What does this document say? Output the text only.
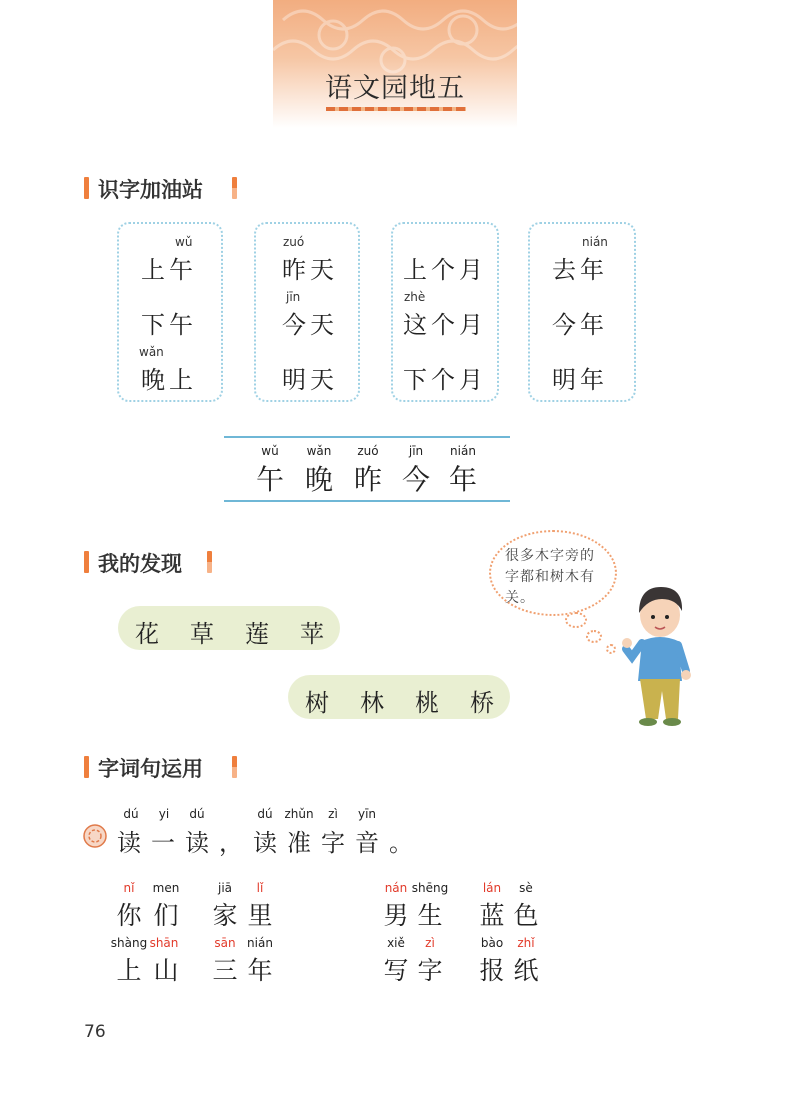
语文园地五
识字加油站
wǔ
上午
下午
wǎn
晚上
zuó
昨天
jīn
今天
明天
上个月
zhè
这个月
下个月
nián
去年
今年
明年
wǔ
午
wǎn
晚
zuó
昨
jīn
今
nián
年
我的发现
花 草 莲 苹
树 林 桃 桥
很多木字旁的字都和树木有关。
字词句运用
dú	yi	dú	dú zhǔn	zì	yīn
读一读，读准字音。
nǐ	men
你 们
jiā	lǐ
家 里
nán shēng
男 生
lán	sè
蓝 色
shàng shān
上 山
sān nián
三 年
xiě	zì
写 字
bào	zhǐ
报 纸
76
